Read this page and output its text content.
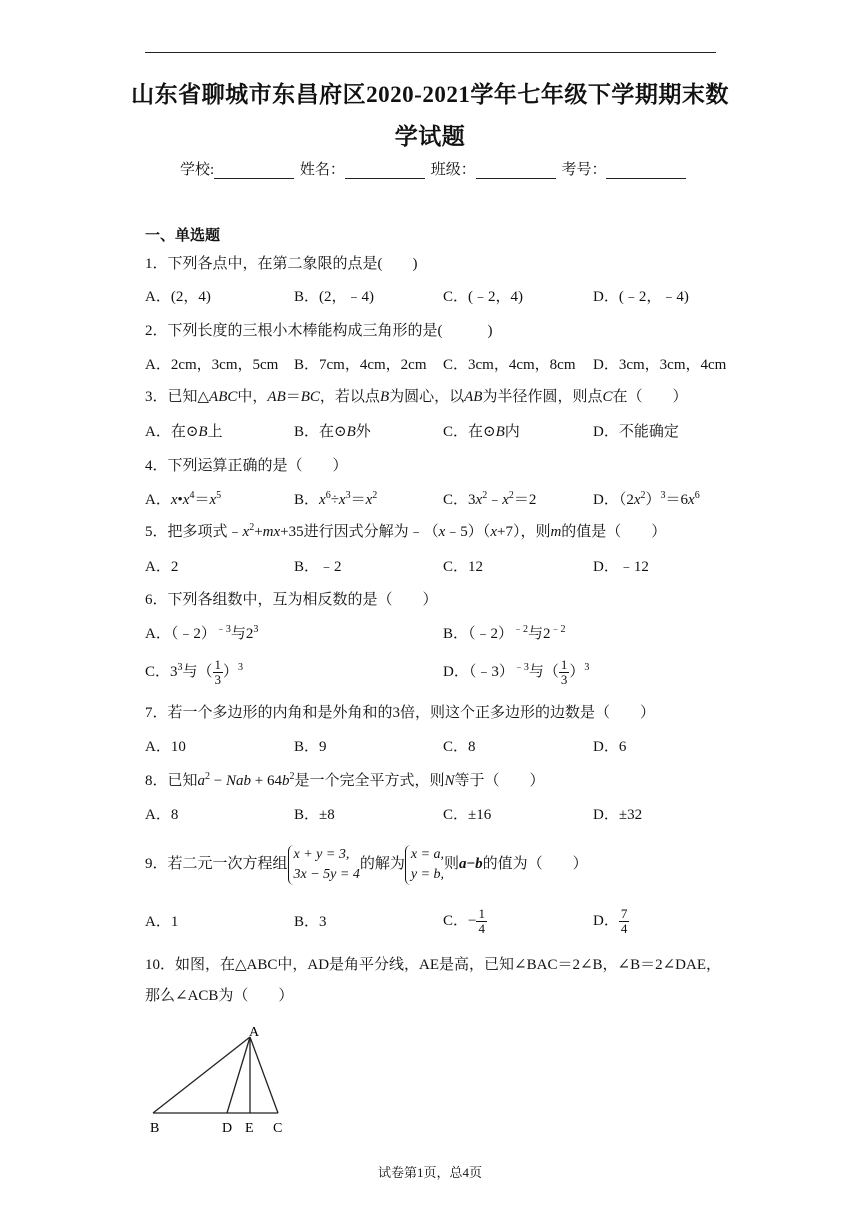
山东省聊城市东昌府区2020-2021学年七年级下学期期末数
学试题
学校:	姓名：	班级：	考号：
一、单选题
1．下列各点中，在第二象限的点是(　　)
A．(2，4)	B．(2，﹣4)	C．(﹣2，4)	D．(﹣2，﹣4)
2．下列长度的三根小木棒能构成三角形的是(　　　)
A．2cm，3cm，5cm B．7cm，4cm，2cm C．3cm，4cm，8cm D．3cm，3cm，4cm
3．已知△ABC中，AB＝BC，若以点B为圆心，以AB为半径作圆，则点C在（　　）
A．在⊙B上	B．在⊙B外	C．在⊙B内	D．不能确定
4．下列运算正确的是（　　）
A．$x•x^4=x^5$	B．$x^6\div x^3=x^2$	C．$3x^2﹣x^2=2$	D．$(2x^2)^3=6x^6$
5．把多项式$﹣x^2+mx+35$进行因式分解为﹣（x﹣5）（x+7），则m的值是（　　）
A．2	B．﹣2	C．12	D．﹣12
6．下列各组数中，互为相反数的是（　　）
A．（﹣2）$^{﹣3}$与$2^3$	B．（﹣2）$^{﹣2}$与$2^{﹣2}$
C．$3^3$与（ $\frac{1}{3} )^3$	D．（﹣3）$^{﹣3}$与（ $\frac{1}{3} )^3$
7．若一个多边形的内角和是外角和的3倍，则这个正多边形的边数是（　　）
A．10	B．9	C．8	D．6
8．已知$a^2$ − Nab + $64b^2$是一个完全平方式，则N等于（　　）
A．8	B．±8	C．±16	D．±32
9．若二元一次方程组x + y = 3,
3x − 5y = 4的解为x = a,
y = b,则a−b的值为（　　）
A．1	B．3	C．− $\frac{1}{4}$	D． $\frac{7}{4}$
10．如图，在△ABC中，AD是角平分线，AE是高，已知∠BAC＝2∠B，∠B＝2∠DAE，
那么∠ACB为（　　）
A
B	D E C
试卷第1页，总4页
